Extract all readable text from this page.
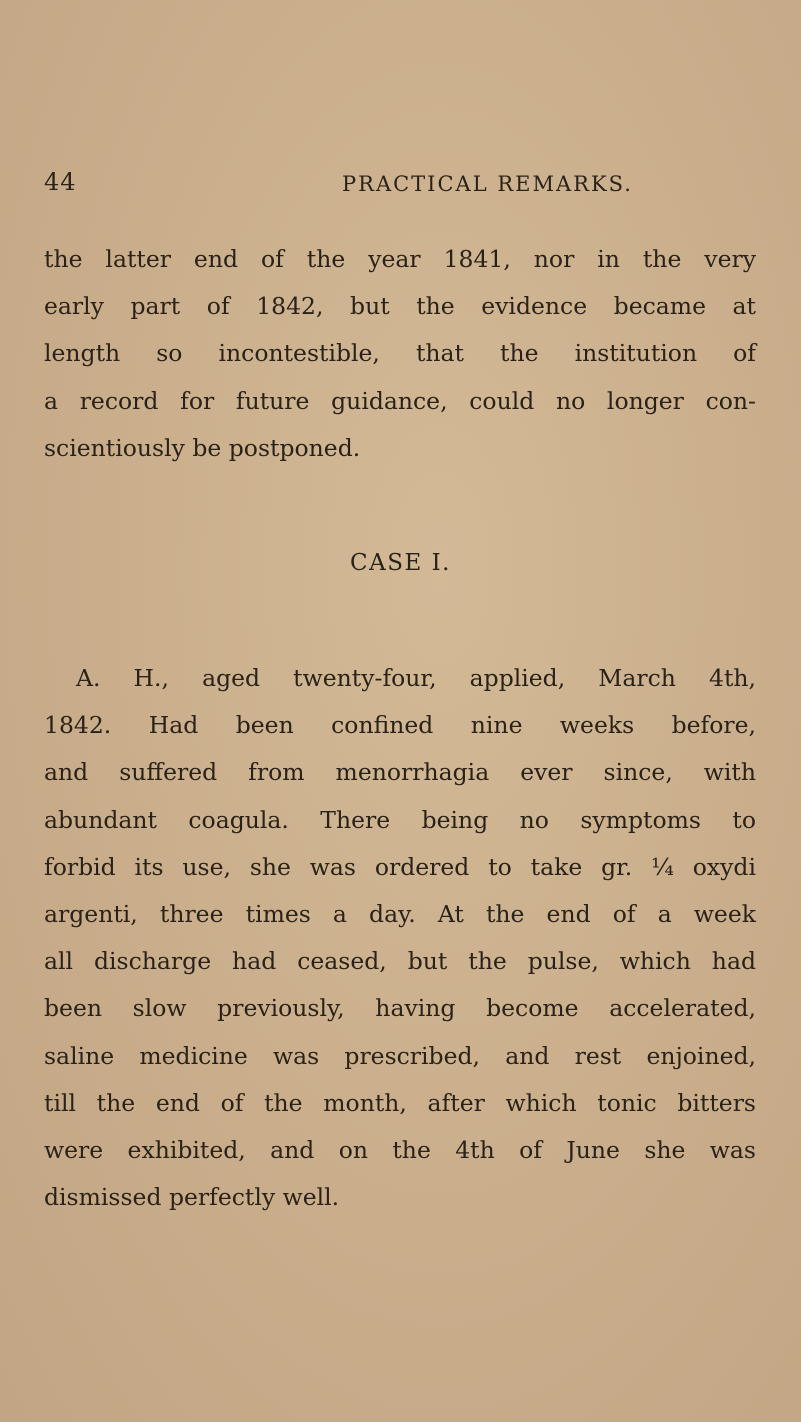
44	PRACTICAL REMARKS.
the latter end of the year 1841, nor in the very
early part of 1842, but the evidence became at
length so incontestible, that the institution of
a record for future guidance, could no longer con-
scientiously be postponed.
CASE I.
A. H., aged twenty-four, applied, March 4th,
1842. Had been confined nine weeks before,
and suffered from menorrhagia ever since, with
abundant coagula. There being no symptoms to
forbid its use, she was ordered to take gr. ¼ oxydi
argenti, three times a day. At the end of a week
all discharge had ceased, but the pulse, which had
been slow previously, having become accelerated,
saline medicine was prescribed, and rest enjoined,
till the end of the month, after which tonic bitters
were exhibited, and on the 4th of June she was
dismissed perfectly well.
